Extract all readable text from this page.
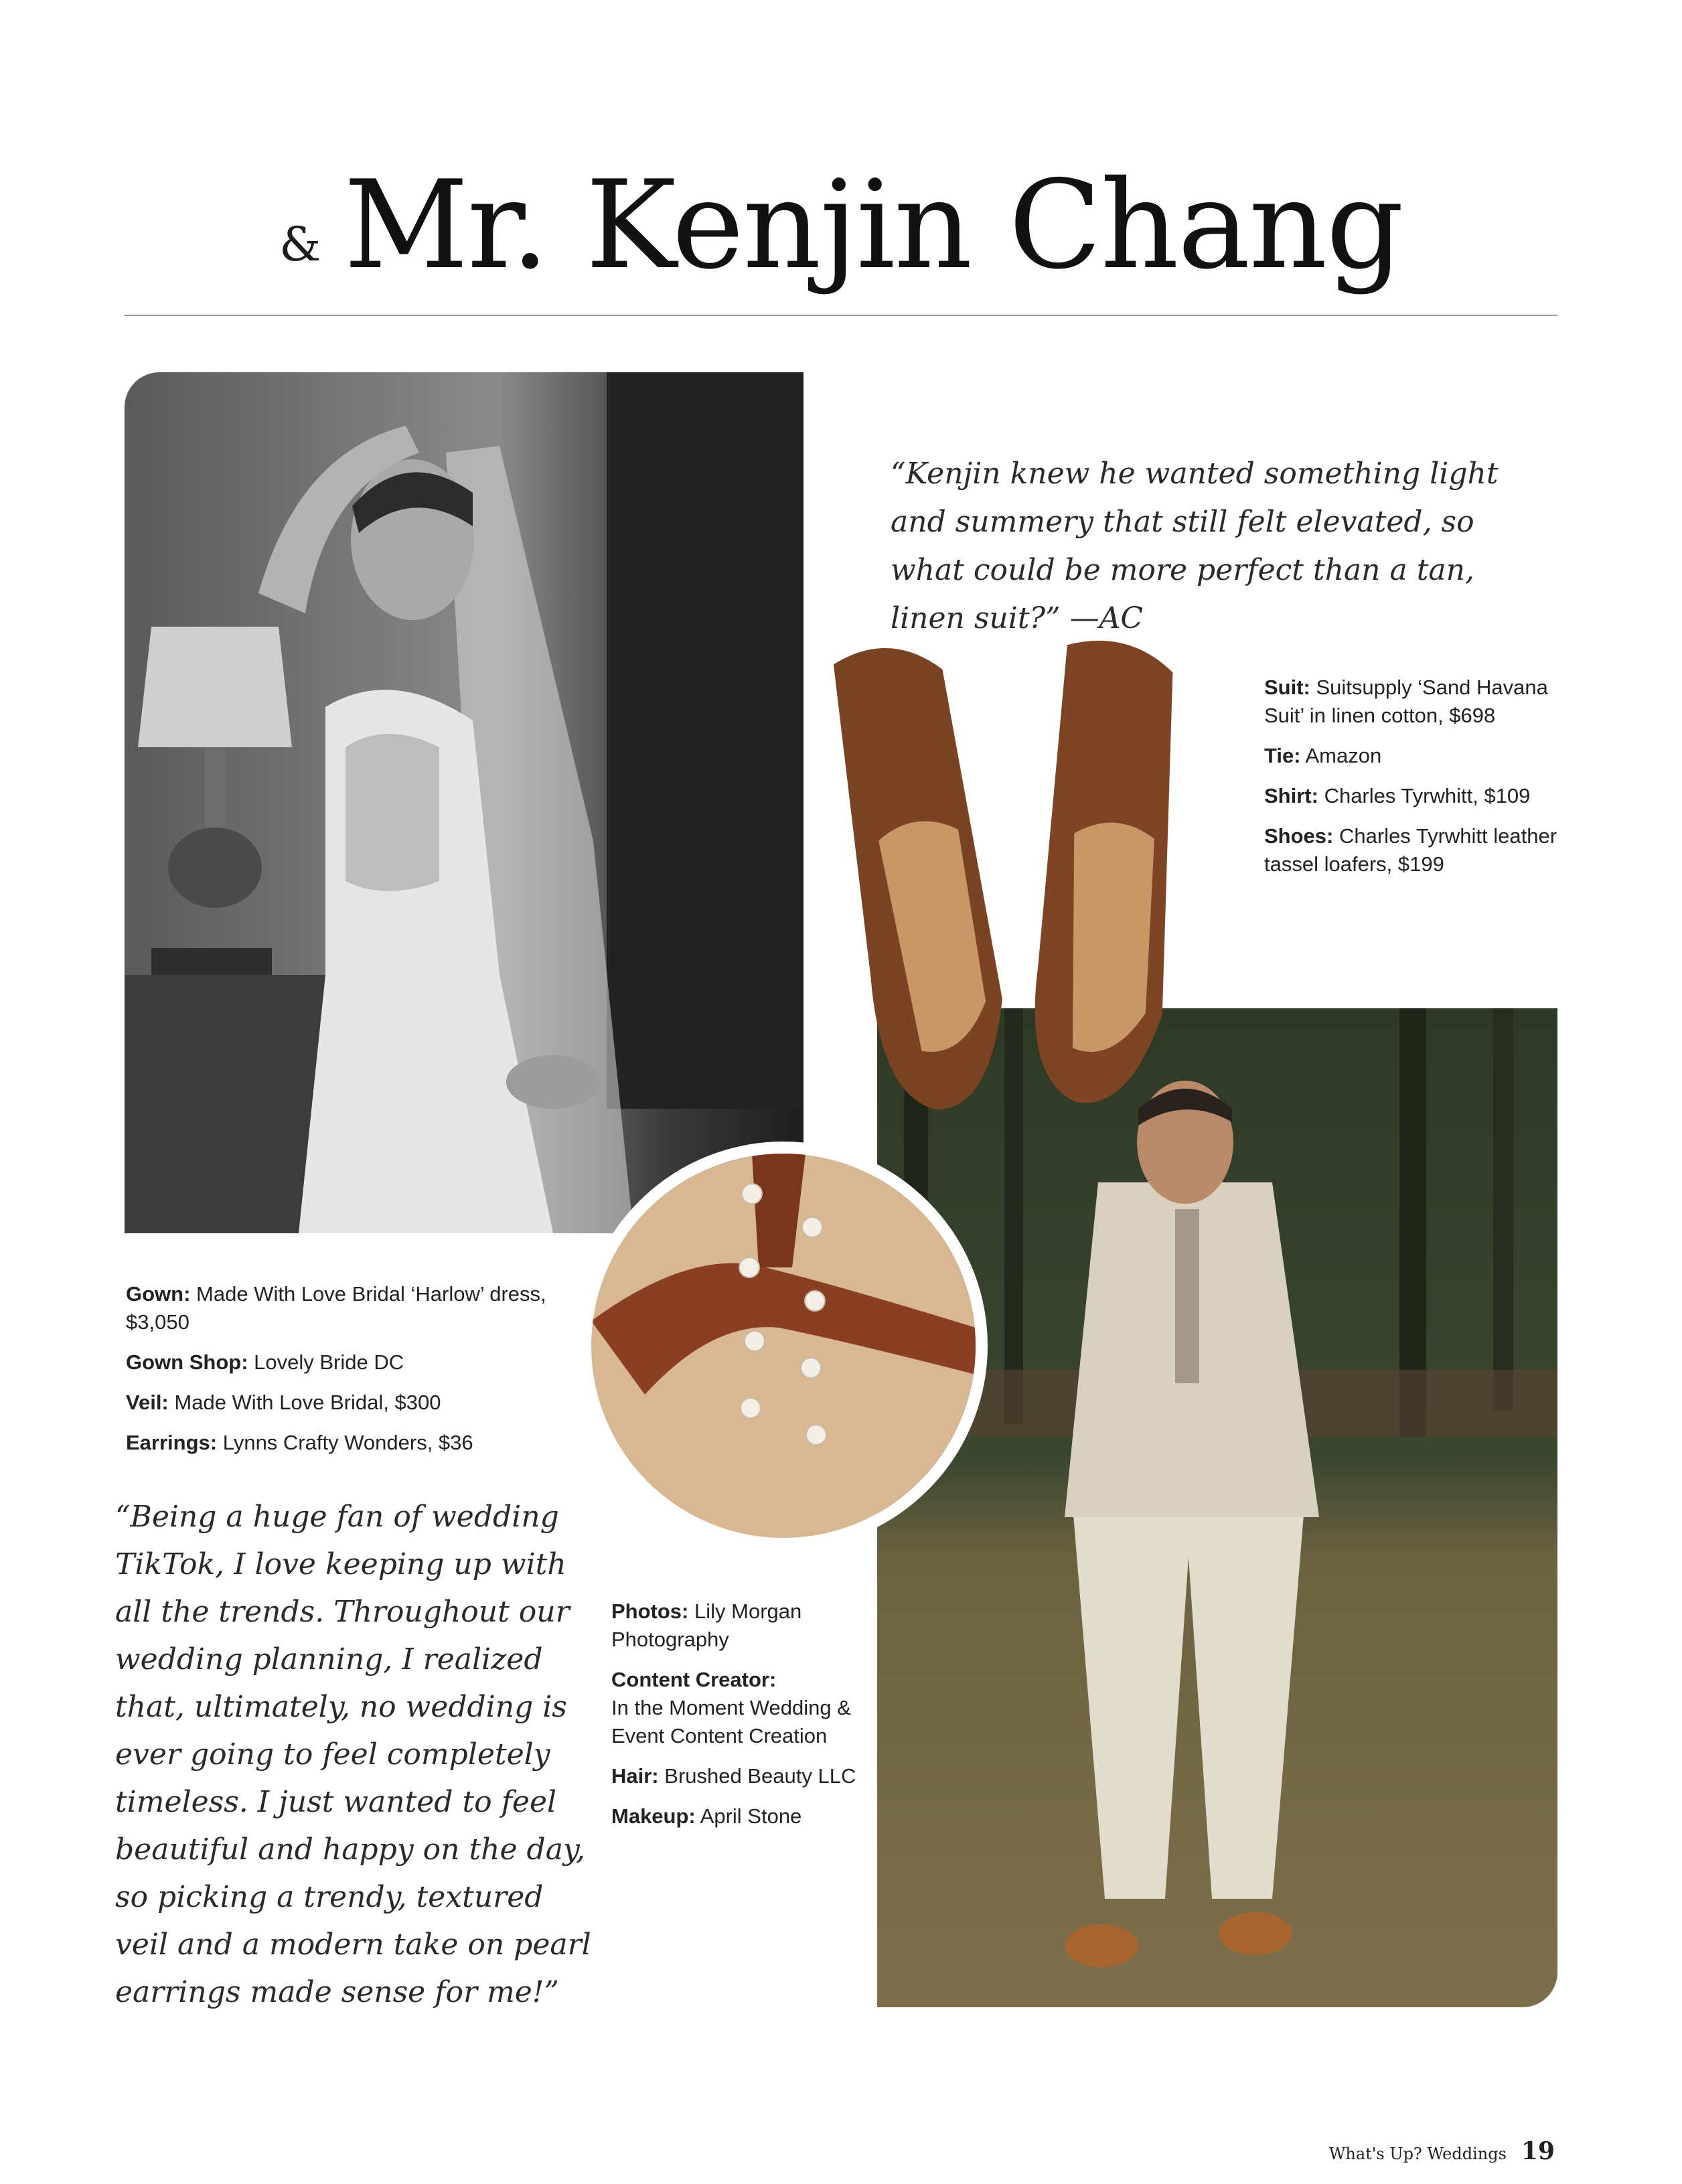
& Mr. Kenjin Chang
“Kenjin knew he wanted something light and summery that still felt elevated, so what could be more perfect than a tan, linen suit?” —AC

Suit: Suitsupply ‘Sand Havana Suit’ in linen cotton, $698

Tie: Amazon

Shirt: Charles Tyrwhitt, $109

Shoes: Charles Tyrwhitt leather tassel loafers, $199

Gown: Made With Love Bridal ‘Harlow’ dress, $3,050

Gown Shop: Lovely Bride DC

Veil: Made With Love Bridal, $300

Earrings: Lynns Crafty Wonders, $36

“Being a huge fan of wedding TikTok, I love keeping up with all the trends. Throughout our wedding planning, I realized that, ultimately, no wedding is ever going to feel completely timeless. I just wanted to feel beautiful and happy on the day, so picking a trendy, textured veil and a modern take on pearl earrings made sense for me!”

Photos: Lily Morgan Photography

Content Creator:
In the Moment Wedding & Event Content Creation

Hair: Brushed Beauty LLC

Makeup: April Stone

What's Up? Weddings 19
